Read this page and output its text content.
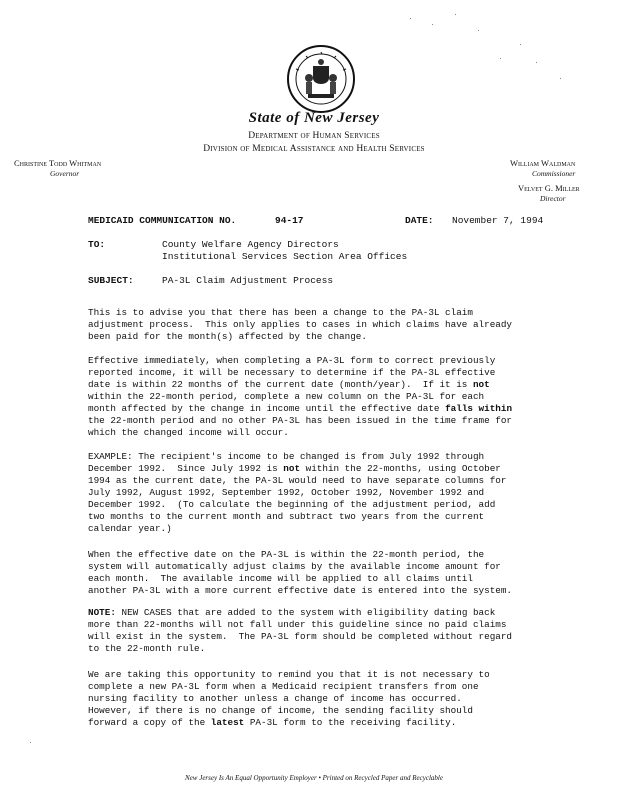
State of New Jersey
Department of Human Services
Division of Medical Assistance and Health Services
Christine Todd Whitman
Governor
William Waldman
Commissioner
Velvet G. Miller
Director
MEDICAID COMMUNICATION NO.	94-17	DATE: November 7, 1994
TO:	County Welfare Agency Directors
Institutional Services Section Area Offices
SUBJECT:	PA-3L Claim Adjustment Process
This is to advise you that there has been a change to the PA-3L claim
adjustment process.  This only applies to cases in which claims have already
been paid for the month(s) affected by the change.
Effective immediately, when completing a PA-3L form to correct previously
reported income, it will be necessary to determine if the PA-3L effective
date is within 22 months of the current date (month/year).  If it is not
within the 22-month period, complete a new column on the PA-3L for each
month affected by the change in income until the effective date falls within
the 22-month period and no other PA-3L has been issued in the time frame for
which the changed income will occur.
EXAMPLE: The recipient's income to be changed is from July 1992 through
December 1992.  Since July 1992 is not within the 22-months, using October
1994 as the current date, the PA-3L would need to have separate columns for
July 1992, August 1992, September 1992, October 1992, November 1992 and
December 1992.  (To calculate the beginning of the adjustment period, add
two months to the current month and subtract two years from the current
calendar year.)
When the effective date on the PA-3L is within the 22-month period, the
system will automatically adjust claims by the available income amount for
each month.  The available income will be applied to all claims until
another PA-3L with a more current effective date is entered into the system.
NOTE: NEW CASES that are added to the system with eligibility dating back
more than 22-months will not fall under this guideline since no paid claims
will exist in the system.  The PA-3L form should be completed without regard
to the 22-month rule.
We are taking this opportunity to remind you that it is not necessary to
complete a new PA-3L form when a Medicaid recipient transfers from one
nursing facility to another unless a change of income has occurred.
However, if there is no change of income, the sending facility should
forward a copy of the latest PA-3L form to the receiving facility.
New Jersey Is An Equal Opportunity Employer • Printed on Recycled Paper and Recyclable
